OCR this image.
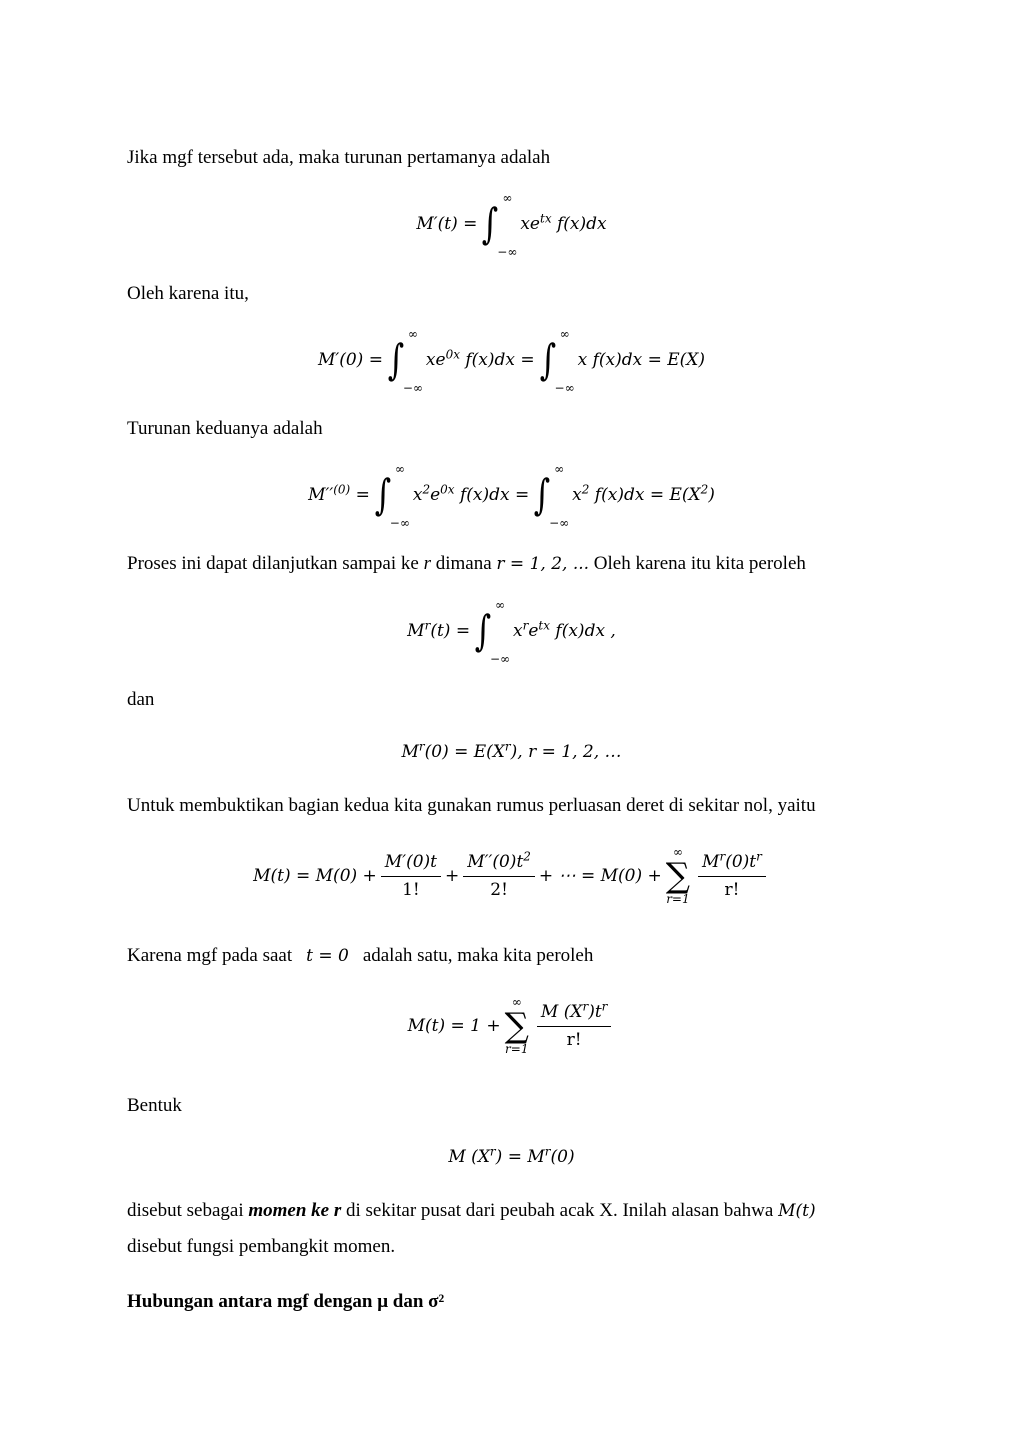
Jika mgf tersebut ada, maka turunan pertamanya adalah
M′(t) = ∫
∞
−∞
$xe^{tx}$ f(x)dx
Oleh karena itu,
M′(0) = ∫
∞
−∞
$xe^{0x}$ f(x)dx = ∫
∞
−∞
x f(x)dx = E(X)
Turunan keduanya adalah
$M''^{(0)}$ = ∫
∞
−∞
$x^2e^{0x}$ f(x)dx = ∫
∞
−∞
$x^2$ $f(x)dx = E(X^2)$
Proses ini dapat dilanjutkan sampai ke r dimana r = 1, 2, ... Oleh karena itu kita peroleh
$M^r(t)$ = ∫
∞
−∞
$x^re^{tx}$ f(x)dx ,
dan
$M^r(0) = E(X^r)$, r = 1, 2, …
Untuk membuktikan bagian kedua kita gunakan rumus perluasan deret di sekitar nol, yaitu
$M(t) = M(0) + \frac{M'(0)t}{1!} + \frac{M''(0)t^2}{2!}$ + ⋯ = M(0) +
∞
∑
$r=1 \frac{M^r(0)t^r}{r!}$
Karena mgf pada saat t = 0 adalah satu, maka kita peroleh
M(t) = 1 +
∞
∑
$r=1 \frac{M (X^r)t^r}{r!}$
Bentuk
M $(X^r) = M^r(0)$
disebut sebagai momen ke r di sekitar pusat dari peubah acak X. Inilah alasan bahwa M(t)
disebut fungsi pembangkit momen.
Hubungan antara mgf dengan μ dan σ²
